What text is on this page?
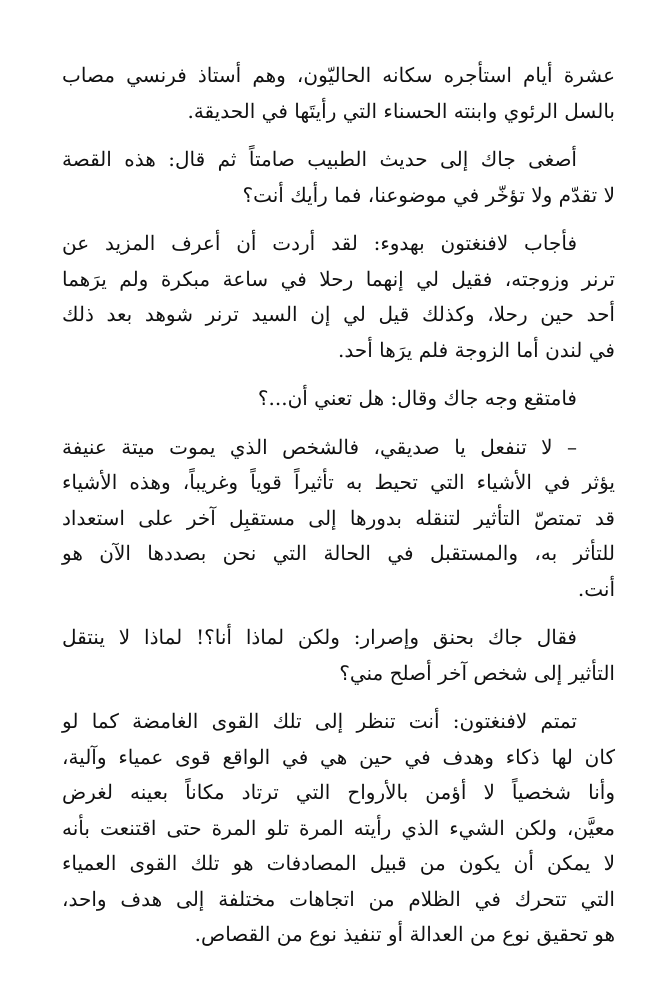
عشرة أيام استأجره سكانه الحاليّون، وهم أستاذ فرنسي مصاب
بالسل الرئوي وابنته الحسناء التي رأيتَها في الحديقة.

أصغى جاك إلى حديث الطبيب صامتاً ثم قال: هذه القصة
لا تقدّم ولا تؤخّر في موضوعنا، فما رأيك أنت؟

فأجاب لافنغتون بهدوء: لقد أردت أن أعرف المزيد عن
ترنر وزوجته، فقيل لي إنهما رحلا في ساعة مبكرة ولم يرَهما
أحد حين رحلا، وكذلك قيل لي إن السيد ترنر شوهد بعد ذلك
في لندن أما الزوجة فلم يرَها أحد.

فامتقع وجه جاك وقال: هل تعني أن...؟

– لا تنفعل يا صديقي، فالشخص الذي يموت ميتة عنيفة
يؤثر في الأشياء التي تحيط به تأثيراً قوياً وغريباً، وهذه الأشياء
قد تمتصّ التأثير لتنقله بدورها إلى مستقبِل آخر على استعداد
للتأثر به، والمستقبل في الحالة التي نحن بصددها الآن هو
أنت.

فقال جاك بحنق وإصرار: ولكن لماذا أنا؟! لماذا لا ينتقل
التأثير إلى شخص آخر أصلح مني؟

تمتم لافنغتون: أنت تنظر إلى تلك القوى الغامضة كما لو
كان لها ذكاء وهدف في حين هي في الواقع قوى عمياء وآلية،
وأنا شخصياً لا أؤمن بالأرواح التي ترتاد مكاناً بعينه لغرض
معيَّن، ولكن الشيء الذي رأيته المرة تلو المرة حتى اقتنعت بأنه
لا يمكن أن يكون من قبيل المصادفات هو تلك القوى العمياء
التي تتحرك في الظلام من اتجاهات مختلفة إلى هدف واحد،
هو تحقيق نوع من العدالة أو تنفيذ نوع من القصاص.
